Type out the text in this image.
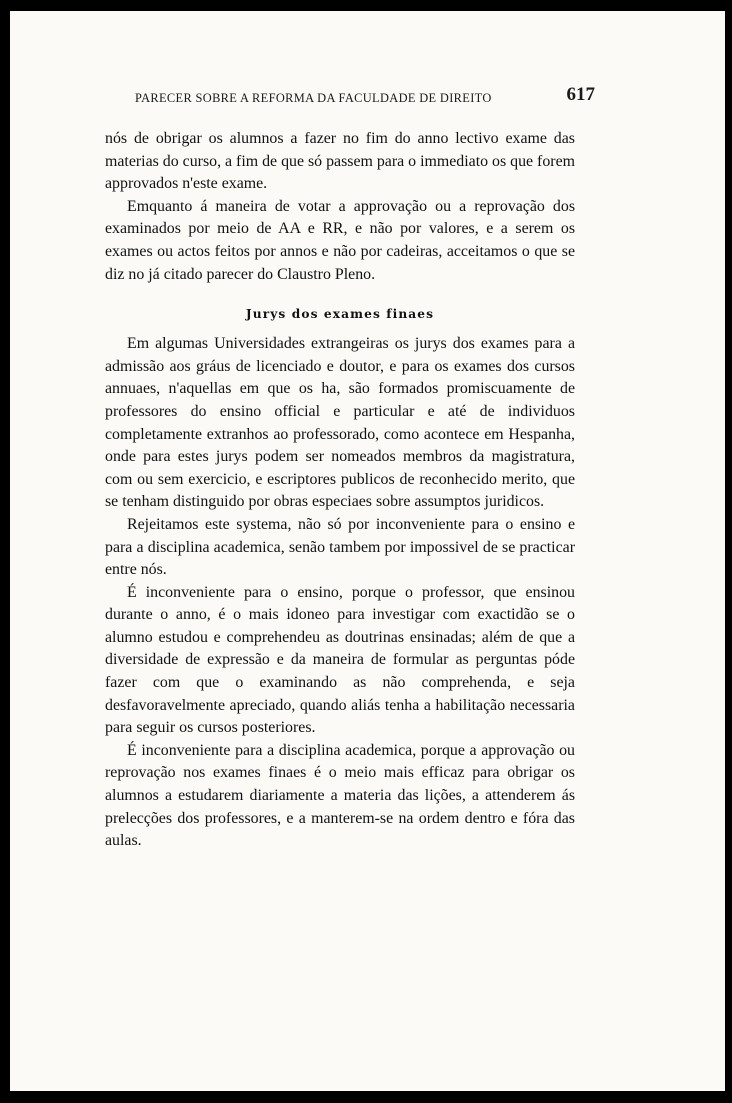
PARECER SOBRE A REFORMA DA FACULDADE DE DIREITO	617

nós de obrigar os alumnos a fazer no fim do anno lectivo exame das materias do curso, a fim de que só passem para o immediato os que forem approvados n'este exame.

Emquanto á maneira de votar a approvação ou a reprovação dos examinados por meio de AA e RR, e não por valores, e a serem os exames ou actos feitos por annos e não por cadeiras, acceitamos o que se diz no já citado parecer do Claustro Pleno.

Jurys dos exames finaes

Em algumas Universidades extrangeiras os jurys dos exames para a admissão aos gráus de licenciado e doutor, e para os exames dos cursos annuaes, n'aquellas em que os ha, são formados promiscuamente de professores do ensino official e particular e até de individuos completamente extranhos ao professorado, como acontece em Hespanha, onde para estes jurys podem ser nomeados membros da magistratura, com ou sem exercicio, e escriptores publicos de reconhecido merito, que se tenham distinguido por obras especiaes sobre assumptos juridicos.

Rejeitamos este systema, não só por inconveniente para o ensino e para a disciplina academica, senão tambem por impossivel de se practicar entre nós.

É inconveniente para o ensino, porque o professor, que ensinou durante o anno, é o mais idoneo para investigar com exactidão se o alumno estudou e comprehendeu as doutrinas ensinadas; além de que a diversidade de expressão e da maneira de formular as perguntas póde fazer com que o examinando as não comprehenda, e seja desfavoravelmente apreciado, quando aliás tenha a habilitação necessaria para seguir os cursos posteriores.

É inconveniente para a disciplina academica, porque a approvação ou reprovação nos exames finaes é o meio mais efficaz para obrigar os alumnos a estudarem diariamente a materia das lições, a attenderem ás prelecções dos professores, e a manterem-se na ordem dentro e fóra das aulas.
